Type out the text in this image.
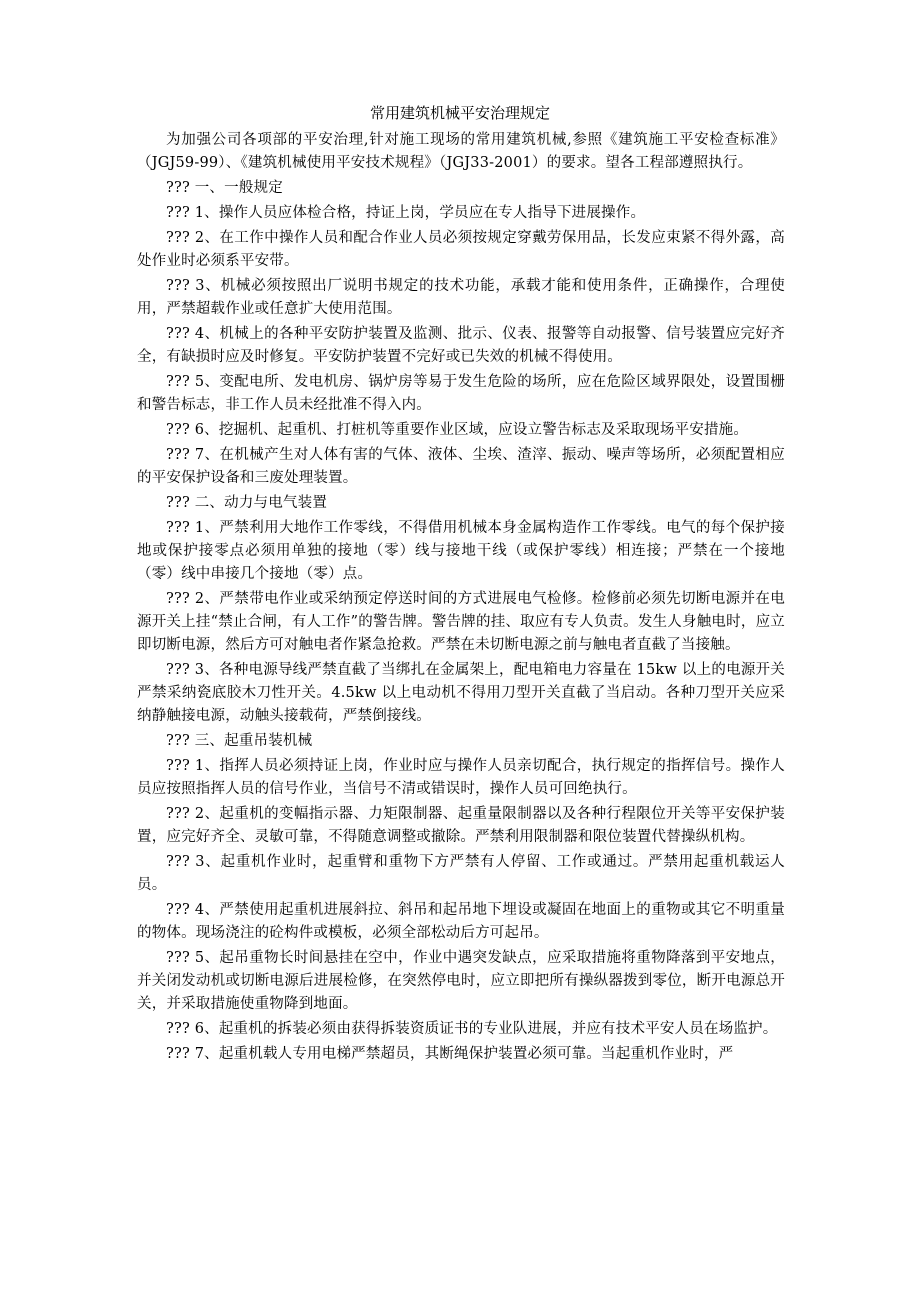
常用建筑机械平安治理规定

为加强公司各项部的平安治理,针对施工现场的常用建筑机械,参照《建筑施工平安检查标准》（JGJ59-99）、《建筑机械使用平安技术规程》（JGJ33-2001）的要求。望各工程部遵照执行。

??? 一、一般规定

??? 1、操作人员应体检合格，持证上岗，学员应在专人指导下进展操作。

??? 2、在工作中操作人员和配合作业人员必须按规定穿戴劳保用品，长发应束紧不得外露，高处作业时必须系平安带。

??? 3、机械必须按照出厂说明书规定的技术功能，承载才能和使用条件，正确操作，合理使用，严禁超载作业或任意扩大使用范围。

??? 4、机械上的各种平安防护装置及监测、批示、仪表、报警等自动报警、信号装置应完好齐全，有缺损时应及时修复。平安防护装置不完好或已失效的机械不得使用。

??? 5、变配电所、发电机房、锅炉房等易于发生危险的场所，应在危险区域界限处，设置围栅和警告标志，非工作人员未经批准不得入内。

??? 6、挖掘机、起重机、打桩机等重要作业区域，应设立警告标志及采取现场平安措施。

??? 7、在机械产生对人体有害的气体、液体、尘埃、渣滓、振动、噪声等场所，必须配置相应的平安保护设备和三废处理装置。

??? 二、动力与电气装置

??? 1、严禁利用大地作工作零线，不得借用机械本身金属构造作工作零线。电气的每个保护接地或保护接零点必须用单独的接地（零）线与接地干线（或保护零线）相连接；严禁在一个接地（零）线中串接几个接地（零）点。

??? 2、严禁带电作业或采纳预定停送时间的方式进展电气检修。检修前必须先切断电源并在电源开关上挂“禁止合闸，有人工作”的警告牌。警告牌的挂、取应有专人负责。发生人身触电时，应立即切断电源，然后方可对触电者作紧急抢救。严禁在未切断电源之前与触电者直截了当接触。

??? 3、各种电源导线严禁直截了当绑扎在金属架上，配电箱电力容量在 15kw 以上的电源开关严禁采纳瓷底胶木刀性开关。4.5kw 以上电动机不得用刀型开关直截了当启动。各种刀型开关应采纳静触接电源，动触头接载荷，严禁倒接线。

??? 三、起重吊装机械

??? 1、指挥人员必须持证上岗，作业时应与操作人员亲切配合，执行规定的指挥信号。操作人员应按照指挥人员的信号作业，当信号不清或错误时，操作人员可回绝执行。

??? 2、起重机的变幅指示器、力矩限制器、起重量限制器以及各种行程限位开关等平安保护装置，应完好齐全、灵敏可靠，不得随意调整或撤除。严禁利用限制器和限位装置代替操纵机构。

??? 3、起重机作业时，起重臂和重物下方严禁有人停留、工作或通过。严禁用起重机载运人员。

??? 4、严禁使用起重机进展斜拉、斜吊和起吊地下埋设或凝固在地面上的重物或其它不明重量的物体。现场浇注的砼构件或模板，必须全部松动后方可起吊。

??? 5、起吊重物长时间悬挂在空中，作业中遇突发缺点，应采取措施将重物降落到平安地点，并关闭发动机或切断电源后进展检修，在突然停电时，应立即把所有操纵器拨到零位，断开电源总开关，并采取措施使重物降到地面。

??? 6、起重机的拆装必须由获得拆装资质证书的专业队进展，并应有技术平安人员在场监护。

??? 7、起重机载人专用电梯严禁超员，其断绳保护装置必须可靠。当起重机作业时，严
